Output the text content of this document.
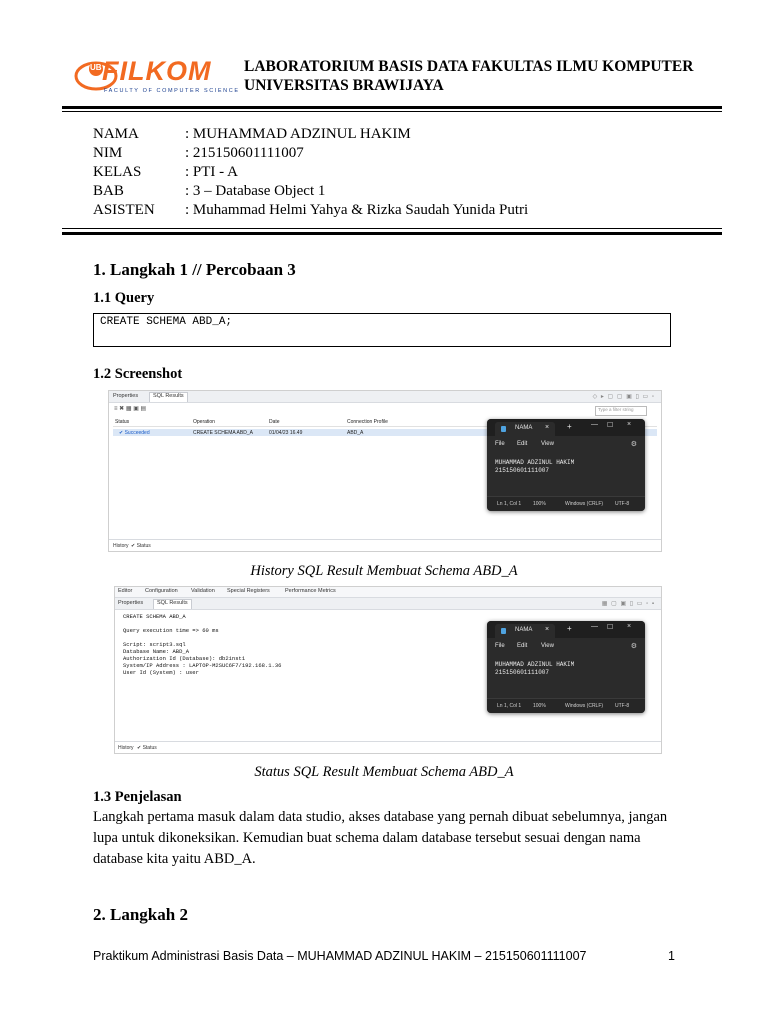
UB FILKOM
FACULTY OF COMPUTER SCIENCE
LABORATORIUM BASIS DATA FAKULTAS ILMU KOMPUTER
UNIVERSITAS BRAWIJAYA
NAMA	: MUHAMMAD ADZINUL HAKIM
NIM	: 215150601111007
KELAS	: PTI - A
BAB	: 3 – Database Object 1
ASISTEN	: Muhammad Helmi Yahya & Rizka Saudah Yunida Putri
1. Langkah 1 // Percobaan 3
1.1 Query
CREATE SCHEMA ABD_A;
1.2 Screenshot
Properties	SQL Results	◇ ▸ ▢ ▢ ▣ ▯ ▭ ▫
≡ ✖ ▦ ▣ ▤	Type a filter string
Status	Operation	Date	Connection Profile
✔ Succeeded	CREATE SCHEMA ABD_A	01/04/23 16.49	ABD_A
History ✔ Status
NAMA × +	— ☐ ×
File Edit View	⚙
MUHAMMAD ADZINUL HAKIM
215150601111007
Ln 1, Col 1 100%	Windows (CRLF) UTF-8
History SQL Result Membuat Schema ABD_A
Editor Configuration Validation Special Registers	Performance Metrics
Properties	SQL Results	▦ ▢ ▣ ▯ ▭ ▫ ▪
CREATE SCHEMA ABD_A
Query execution time => 60 ms
Script: script3.sql
Database Name: ABD_A
Authorization Id (Database): db2inst1
System/IP Address : LAPTOP-M2SUC6F7/192.168.1.36
User Id (System) : user
History ✔ Status
NAMA × +	— ☐ ×
File Edit View	⚙
MUHAMMAD ADZINUL HAKIM
215150601111007
Ln 1, Col 1 100%	Windows (CRLF) UTF-8
Status SQL Result Membuat Schema ABD_A
1.3 Penjelasan
Langkah pertama masuk dalam data studio, akses database yang pernah dibuat sebelumnya, jangan lupa untuk dikoneksikan. Kemudian buat schema dalam database tersebut sesuai dengan nama database kita yaitu ABD_A.
2. Langkah 2
Praktikum Administrasi Basis Data – MUHAMMAD ADZINUL HAKIM – 215150601111007	1
